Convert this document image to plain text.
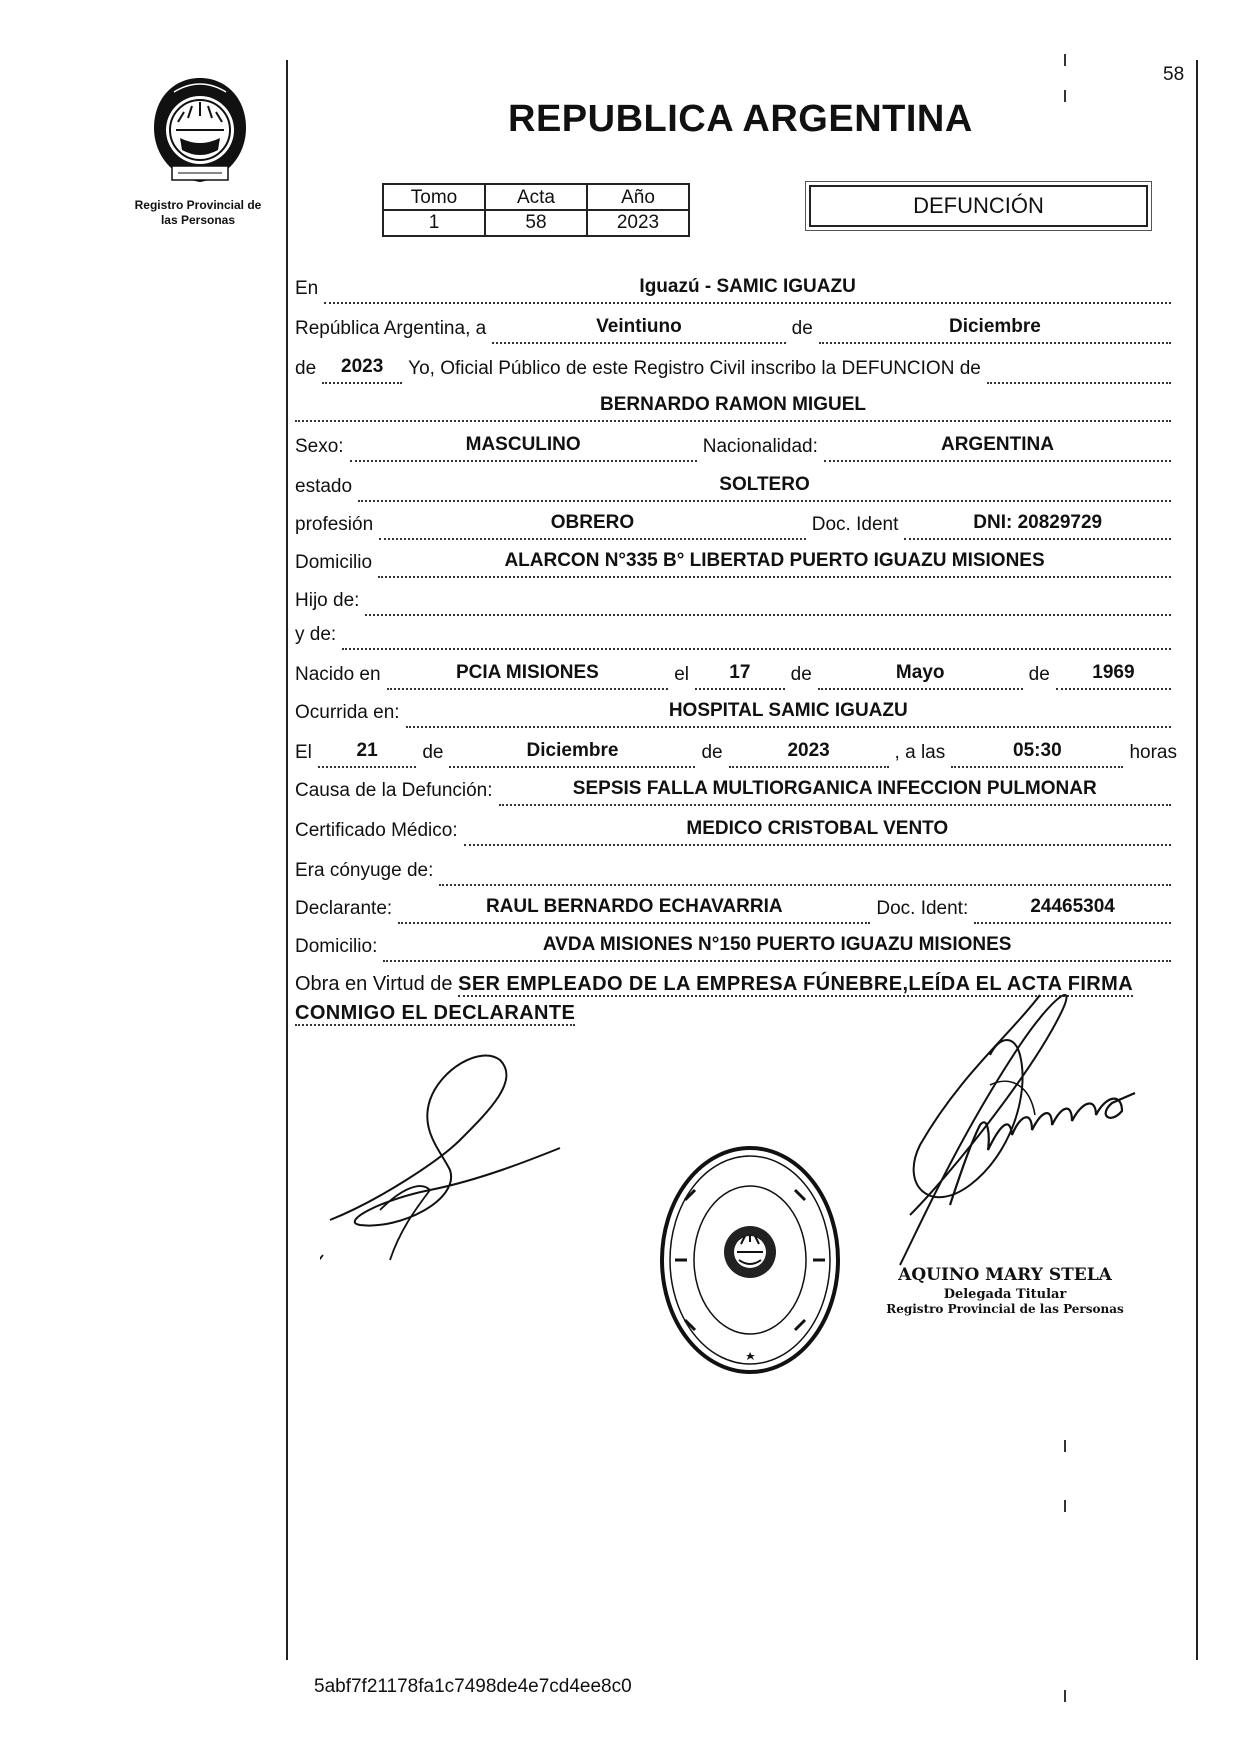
58
Registro Provincial de
las Personas
REPUBLICA ARGENTINA
Tomo	Acta	Año
1	58	2023
DEFUNCIÓN
En	Iguazú - SAMIC IGUAZU
República Argentina, a	Veintiuno	de	Diciembre
de	2023	Yo, Oficial Público de este Registro Civil inscribo la DEFUNCION de
BERNARDO RAMON MIGUEL
Sexo:	MASCULINO	Nacionalidad:	ARGENTINA
estado	SOLTERO
profesión	OBRERO	Doc. Ident	DNI: 20829729
Domicilio	ALARCON N°335 B° LIBERTAD PUERTO IGUAZU MISIONES
Hijo de:
y de:
Nacido en	PCIA MISIONES	el	17	de	Mayo	de	1969
Ocurrida en:	HOSPITAL SAMIC IGUAZU
El	21	de	Diciembre	de	2023	, a las	05:30	horas
Causa de la Defunción:	SEPSIS FALLA MULTIORGANICA INFECCION PULMONAR
Certificado Médico:	MEDICO CRISTOBAL VENTO
Era cónyuge de:
Declarante:	RAUL BERNARDO ECHAVARRIA	Doc. Ident:	24465304
Domicilio:	AVDA MISIONES N°150 PUERTO IGUAZU MISIONES
Obra en Virtud de SER EMPLEADO DE LA EMPRESA FÚNEBRE,LEÍDA EL ACTA FIRMA CONMIGO EL DECLARANTE
AQUINO MARY STELA
Delegada Titular
Registro Provincial de las Personas
5abf7f21178fa1c7498de4e7cd4ee8c0
